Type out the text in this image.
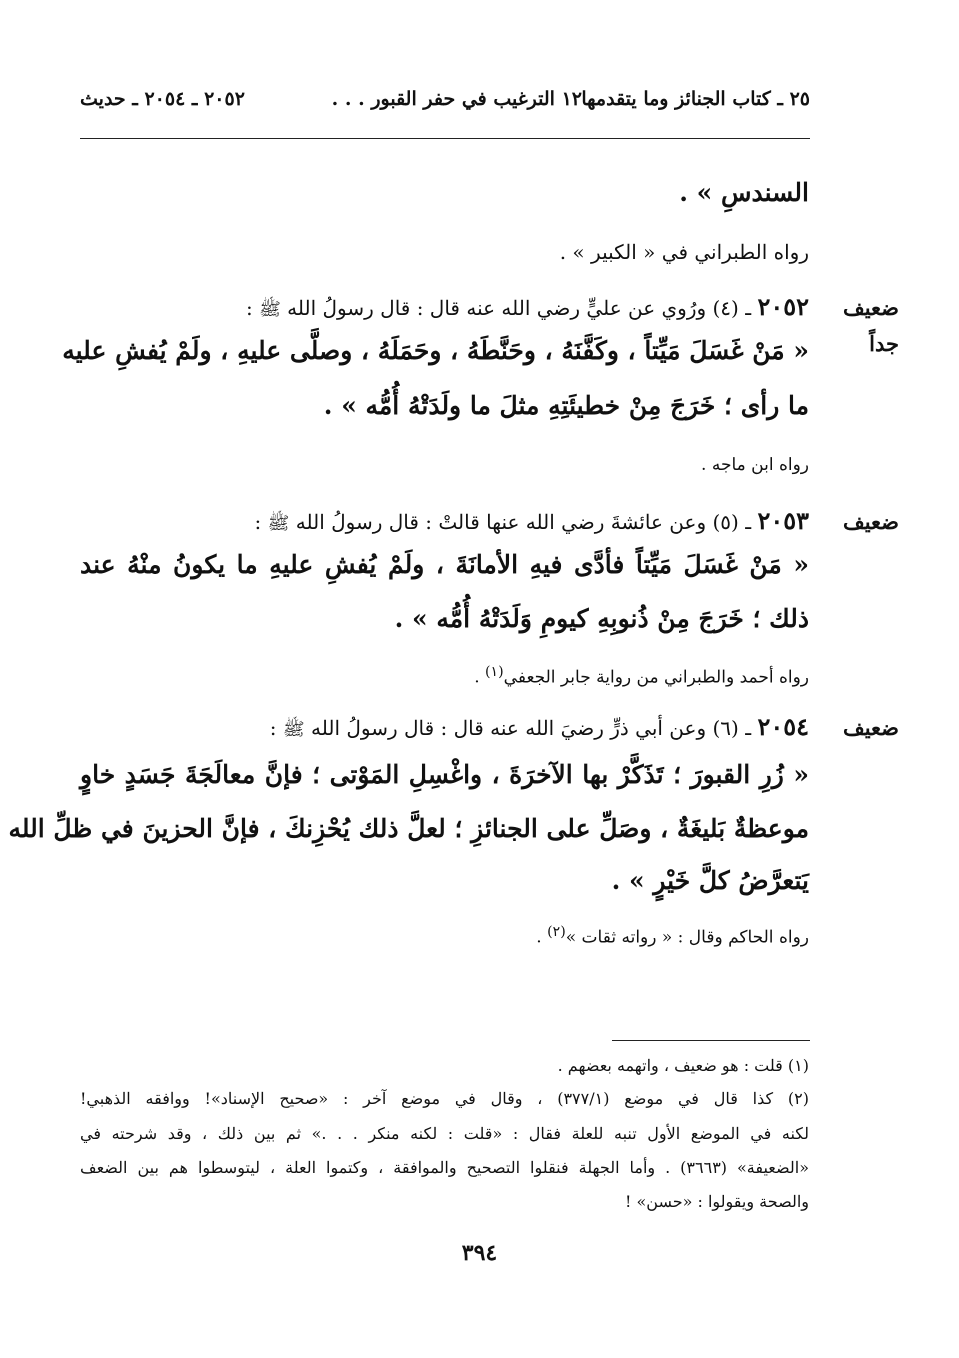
٢٥ ـ كتاب الجنائز وما يتقدمها
١٢ الترغيب في حفر القبور . . .
٢٠٥٢ ـ ٢٠٥٤ ـ حديث
السندسِ » .
رواه الطبراني في « الكبير » .
ضعيف
جداً
٢٠٥٢ ـ (٤) ورُوي عن عليٍّ رضي الله عنه قال : قال رسولُ الله ﷺ :
« مَنْ غَسَلَ مَيِّتاً ، وكَفَّنَهُ ، وحَنَّطَهُ ، وحَمَلَهُ ، وصلَّى عليهِ ، ولَمْ يُفشِ عليه
ما رأى ؛ خَرَجَ مِنْ خطيئَتِهِ مثلَ ما ولَدَتْهُ أُمُّه » .
رواه ابن ماجه .
ضعيف
٢٠٥٣ ـ (٥) وعن عائشةَ رضي الله عنها قالتْ : قال رسولُ الله ﷺ :
« مَنْ غَسَلَ مَيِّتاً فأدَّى فيهِ الأمانَةَ ، ولَمْ يُفشِ عليهِ ما يكونُ منْهُ عند
ذلك ؛ خَرَجَ مِنْ ذُنوبِهِ كيومِ وَلَدَتْهُ أُمُّه » .
رواه أحمد والطبراني من رواية جابر الجعفي$^{(١)}$ .
ضعيف
٢٠٥٤ ـ (٦) وعن أبي ذرٍّ رضيَ الله عنه قال : قال رسولُ الله ﷺ :
« زُرِ القبورَ ؛ تَذَكَّرْ بها الآخرَةَ ، واغْسِلِ المَوْتى ؛ فإنَّ معالَجَةَ جَسَدٍ خاوٍ
موعظةٌ بَليغَةٌ ، وصَلِّ على الجنائزِ ؛ لعلَّ ذلك يُحْزِنكَ ، فإنَّ الحزينَ في ظلِّ الله
يَتعرَّضُ كلَّ خَيْرٍ » .
رواه الحاكم وقال : « رواته ثقات »$^{(٢)}$ .
(١) قلت : هو ضعيف ، واتهمه بعضهم .
(٢) كذا قال في موضع (٣٧٧/١) ، وقال في موضع آخر : «صحيح الإسناد»! ووافقه الذهبي!
لكنه في الموضع الأول تنبه للعلة فقال : «قلت : لكنه منكر . . .» ثم بين ذلك ، وقد شرحته في
«الضعيفة» (٣٦٦٣) . وأما الجهلة فنقلوا التصحيح والموافقة ، وكتموا العلة ، ليتوسطوا هم بين الضعف
والصحة ويقولوا : «حسن» !
٣٩٤
